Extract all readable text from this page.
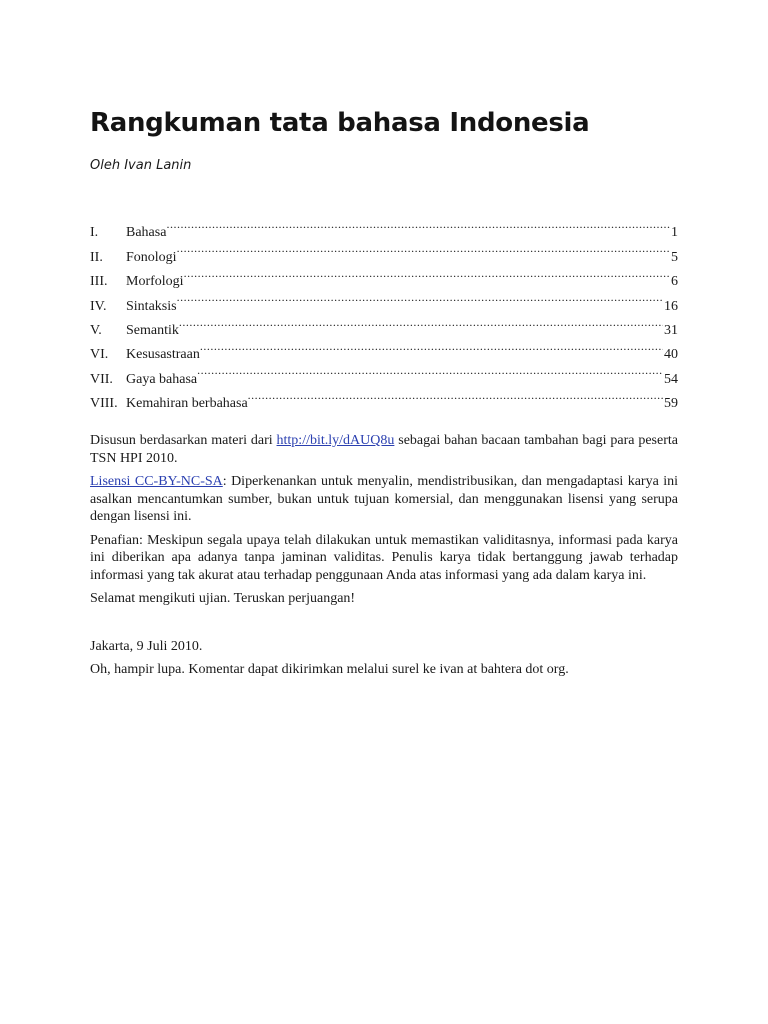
Rangkuman tata bahasa Indonesia

Oleh Ivan Lanin

I.	Bahasa .....	1
II.	Fonologi .....	5
III.	Morfologi .....	6
IV.	Sintaksis .....	16
V.	Semantik .....	31
VI.	Kesusastraan .....	40
VII. Gaya bahasa .....	54
VIII. Kemahiran berbahasa .....	59

Disusun berdasarkan materi dari http://bit.ly/dAUQ8u sebagai bahan bacaan tambahan bagi para peserta TSN HPI 2010.

Lisensi CC-BY-NC-SA: Diperkenankan untuk menyalin, mendistribusikan, dan mengadaptasi karya ini asalkan mencantumkan sumber, bukan untuk tujuan komersial, dan menggunakan lisensi yang serupa dengan lisensi ini.

Penafian: Meskipun segala upaya telah dilakukan untuk memastikan validitasnya, informasi pada karya ini diberikan apa adanya tanpa jaminan validitas. Penulis karya tidak bertanggung jawab terhadap informasi yang tak akurat atau terhadap penggunaan Anda atas informasi yang ada dalam karya ini.

Selamat mengikuti ujian. Teruskan perjuangan!

Jakarta, 9 Juli 2010.

Oh, hampir lupa. Komentar dapat dikirimkan melalui surel ke ivan at bahtera dot org.
